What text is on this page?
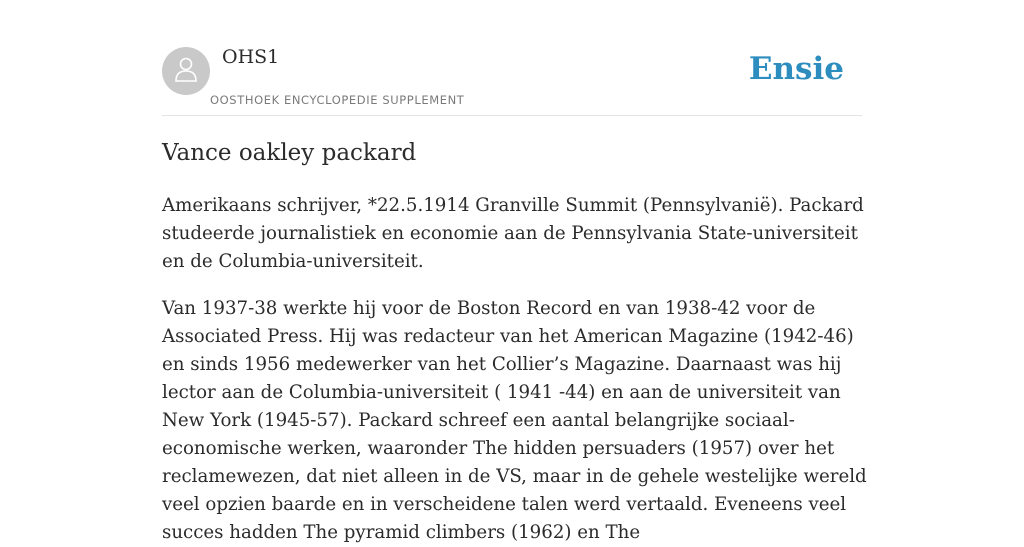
OHS1
OOSTHOEK ENCYCLOPEDIE SUPPLEMENT
Ensie
Vance oakley packard

Amerikaans schrijver, *22.5.1914 Granville Summit (Pennsylvanië). Packard studeerde journalistiek en economie aan de Pennsylvania State-universiteit en de Columbia-universiteit.

Van 1937-38 werkte hij voor de Boston Record en van 1938-42 voor de Associated Press. Hij was redacteur van het American Magazine (1942-46) en sinds 1956 medewerker van het Collier’s Magazine. Daarnaast was hij lector aan de Columbia-universiteit ( 1941 -44) en aan de universiteit van New York (1945-57). Packard schreef een aantal belangrijke sociaal-economische werken, waaronder The hidden persuaders (1957) over het reclamewezen, dat niet alleen in de VS, maar in de gehele westelijke wereld veel opzien baarde en in verscheidene talen werd vertaald. Eveneens veel succes hadden The pyramid climbers (1962) en The
